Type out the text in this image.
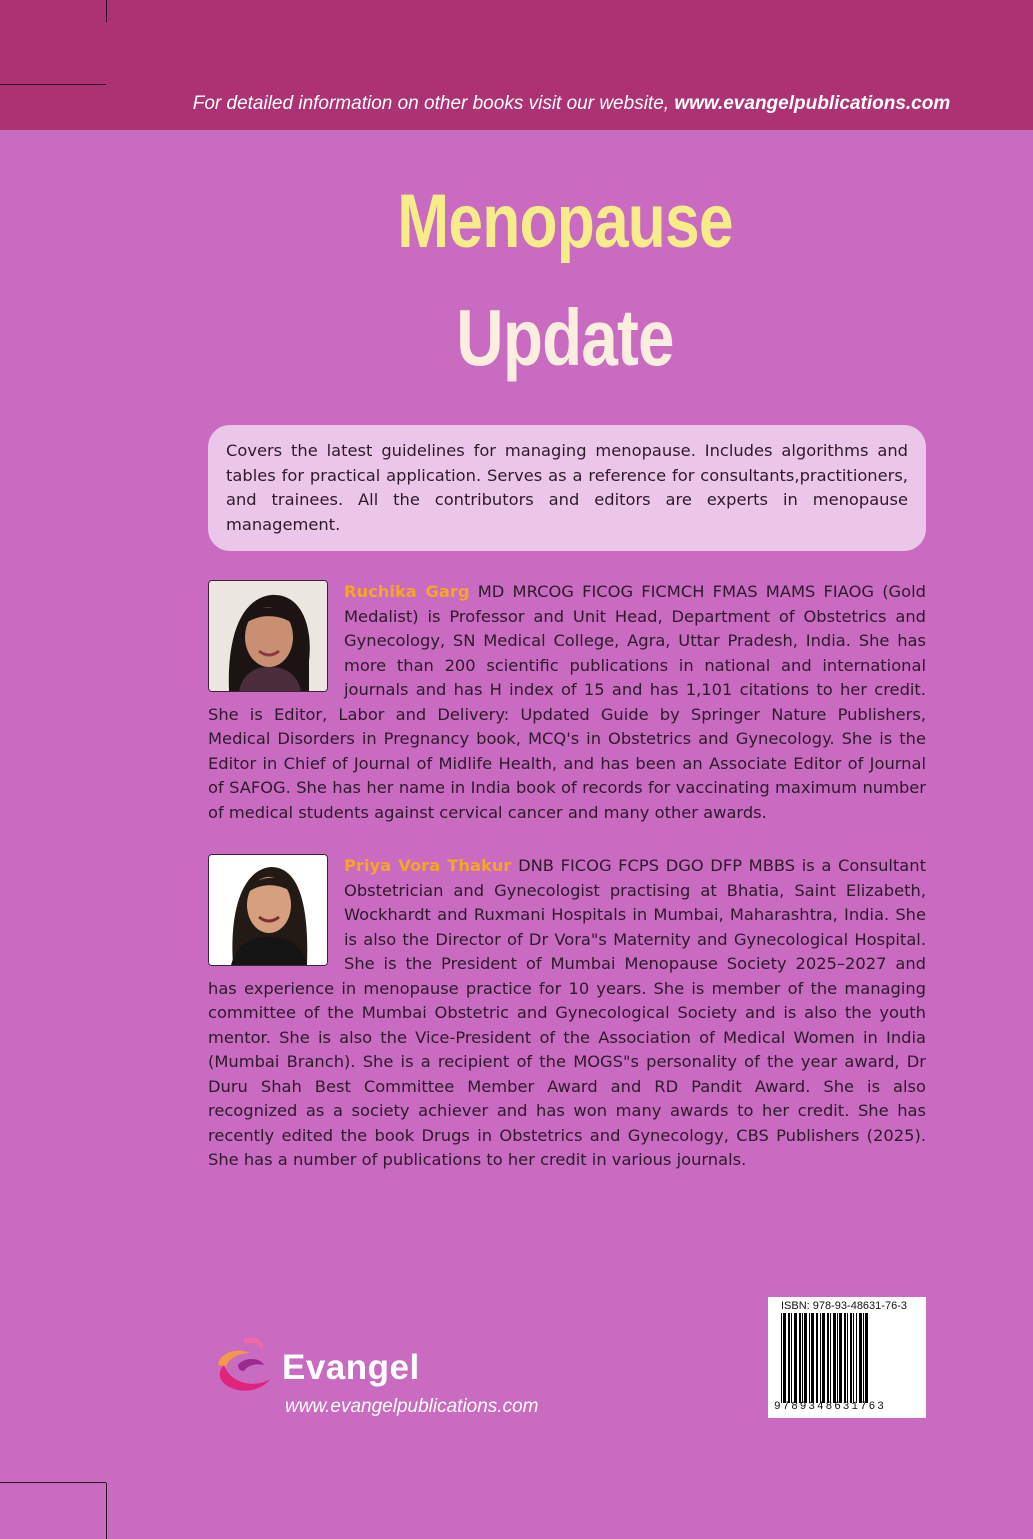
For detailed information on other books visit our website, www.evangelpublications.com
Menopause
Update
Covers the latest guidelines for managing menopause. Includes algorithms and tables for practical application. Serves as a reference for consultants,practitioners, and trainees. All the contributors and editors are experts in menopause management.
Ruchika Garg MD MRCOG FICOG FICMCH FMAS MAMS FIAOG (Gold Medalist) is Professor and Unit Head, Department of Obstetrics and Gynecology, SN Medical College, Agra, Uttar Pradesh, India. She has more than 200 scientific publications in national and international journals and has H index of 15 and has 1,101 citations to her credit. She is Editor, Labor and Delivery: Updated Guide by Springer Nature Publishers, Medical Disorders in Pregnancy book, MCQ's in Obstetrics and Gynecology. She is the Editor in Chief of Journal of Midlife Health, and has been an Associate Editor of Journal of SAFOG. She has her name in India book of records for vaccinating maximum number of medical students against cervical cancer and many other awards.
Priya Vora Thakur DNB FICOG FCPS DGO DFP MBBS is a Consultant Obstetrician and Gynecologist practising at Bhatia, Saint Elizabeth, Wockhardt and Ruxmani Hospitals in Mumbai, Maharashtra, India. She is also the Director of Dr Vora"s Maternity and Gynecological Hospital. She is the President of Mumbai Menopause Society 2025–2027 and has experience in menopause practice for 10 years. She is member of the managing committee of the Mumbai Obstetric and Gynecological Society and is also the youth mentor. She is also the Vice-President of the Association of Medical Women in India (Mumbai Branch). She is a recipient of the MOGS"s personality of the year award, Dr Duru Shah Best Committee Member Award and RD Pandit Award. She is also recognized as a society achiever and has won many awards to her credit. She has recently edited the book Drugs in Obstetrics and Gynecology, CBS Publishers (2025). She has a number of publications to her credit in various journals.
ISBN: 978-93-48631-76-3
9789348631763
Evangel
www.evangelpublications.com
